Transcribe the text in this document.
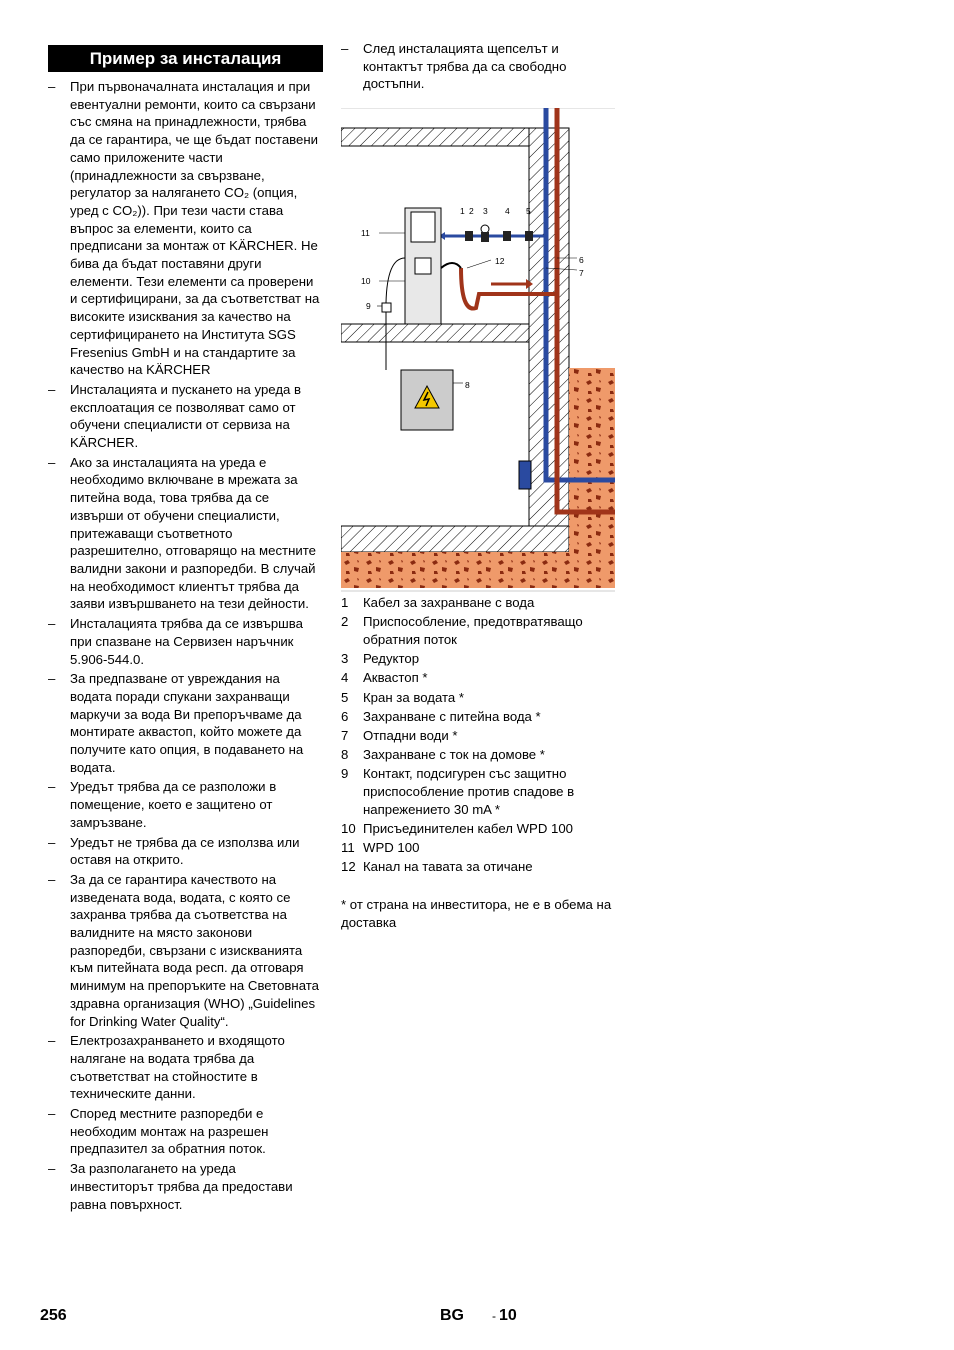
Пример за инсталация
– При първоначалната инсталация и при евентуални ремонти, които са свързани със смяна на принадлежности, трябва да се гарантира, че ще бъдат поставени само приложените части (принадлежности за свързване, регулатор за налягането CO₂ (опция, уред с CO₂)). При тези части става въпрос за елементи, които са предписани за монтаж от KÄRCHER. Не бива да бъдат поставяни други елементи. Тези елементи са проверени и сертифицирани, за да съответстват на високите изисквания за качество на сертифицирането на Института SGS Fresenius GmbH и на стандартите за качество на KÄRCHER
– Инсталацията и пускането на уреда в експлоатация се позволяват само от обучени специалисти от сервиза на KÄRCHER.
– Ако за инсталацията на уреда е необходимо включване в мрежата за питейна вода, това трябва да се извърши от обучени специалисти, притежаващи съответното разрешително, отговарящо на местните валидни закони и разпоредби. В случай на необходимост клиентът трябва да заяви извършването на тези дейности.
– Инсталацията трябва да се извършва при спазване на Сервизен наръчник 5.906-544.0.
– За предпазване от увреждания на водата поради спукани захранващи маркучи за вода Ви препоръчваме да монтирате аквастоп, който можете да получите като опция, в подаването на водата.
– Уредът трябва да се разположи в помещение, което е защитено от замръзване.
– Уредът не трябва да се използва или оставя на открито.
– За да се гарантира качеството на изведената вода, водата, с която се захранва трябва да съответства на валидните на място законови разпоредби, свързани с изискванията към питейната вода респ. да отговаря минимум на препоръките на Световната здравна организация (WHO) „Guidelines for Drinking Water Quality“.
– Електрозахранването и входящото налягане на водата трябва да съответстват на стойностите в техническите данни.
– Според местните разпоредби е необходим монтаж на разрешен предпазител за обратния поток.
– За разполагането на уреда инвеститорът трябва да предостави равна повърхност.
– След инсталацията щепселът и контактът трябва да са свободно достъпни.
1 2 3 4 5
6
7
8
9
10
11
12
1	Кабел за захранване с вода
2	Приспособление, предотвратяващо обратния поток
3	Редуктор
4	Аквастоп *
5	Кран за водата *
6	Захранване с питейна вода *
7	Отпадни води *
8	Захранване с ток на домове *
9	Контакт, подсигурен със защитно приспособление против спадове в напрежението 30 mA *
10 Присъединителен кабел WPD 100
11 WPD 100
12 Канал на тавата за отичане
* от страна на инвеститора, не е в обема на доставка
256	BG - 10
